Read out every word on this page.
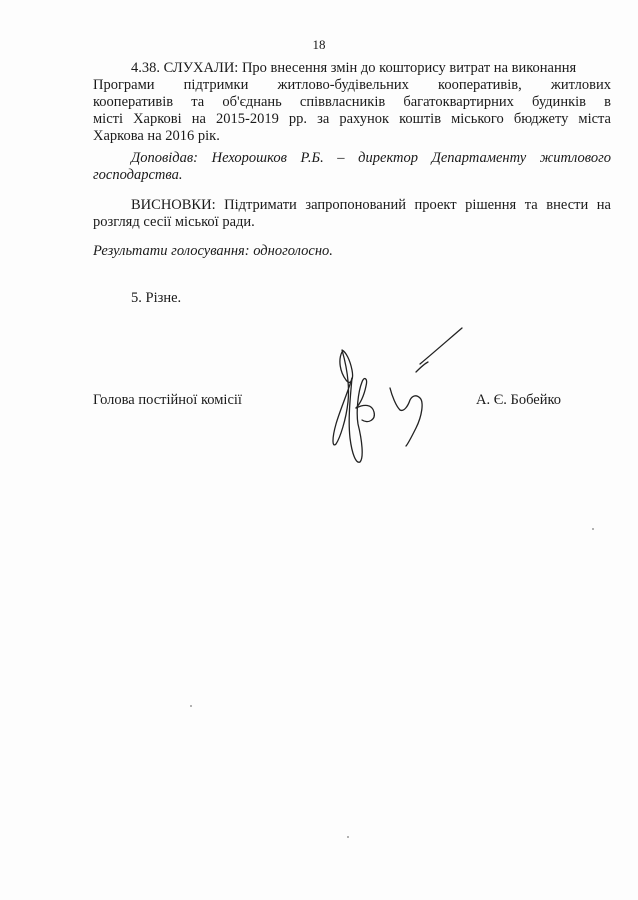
18
4.38. СЛУХАЛИ: Про внесення змін до кошторису витрат на виконання
Програми підтримки житлово-будівельних кооперативів, житлових
кооперативів та об'єднань співвласників багатоквартирних будинків в
місті Харкові на 2015-2019 рр. за рахунок коштів міського бюджету міста
Харкова на 2016 рік.
Доповідав: Нехорошков Р.Б. – директор Департаменту житлового
господарства.
ВИСНОВКИ: Підтримати запропонований проект рішення та внести на
розгляд сесії міської ради.
Результати голосування: одноголосно.
5. Різне.
Голова постійної комісії	А. Є. Бобейко
